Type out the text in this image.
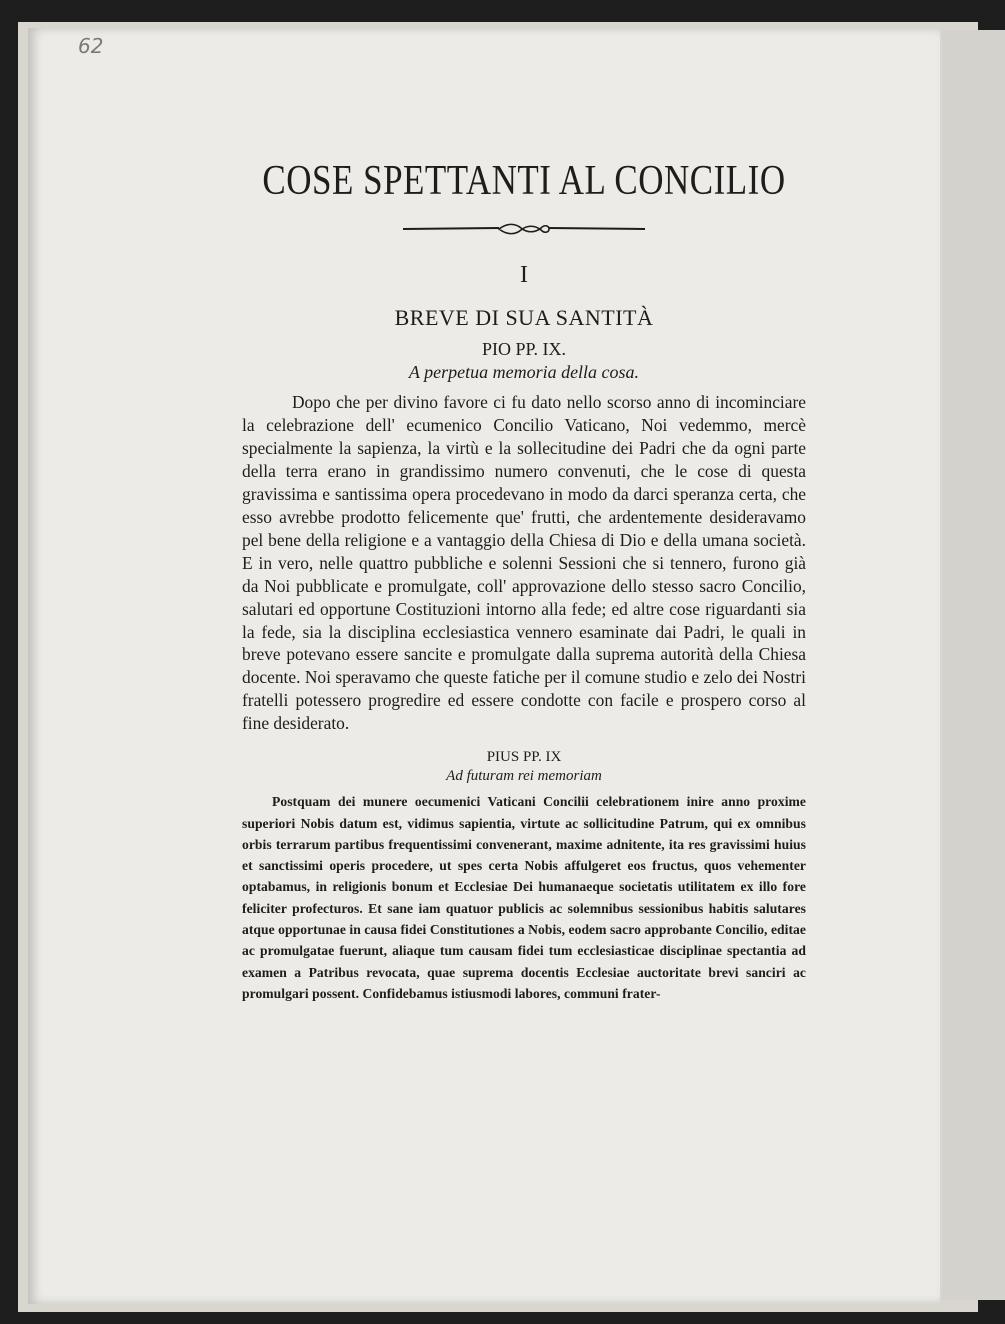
62
COSE SPETTANTI AL CONCILIO
I
BREVE DI SUA SANTITÀ
PIO PP. IX.
A perpetua memoria della cosa.

Dopo che per divino favore ci fu dato nello scorso anno di incominciare la celebrazione dell' ecumenico Concilio Vaticano, Noi vedemmo, mercè specialmente la sapienza, la virtù e la sollecitudine dei Padri che da ogni parte della terra erano in grandissimo numero convenuti, che le cose di questa gravissima e santissima opera procedevano in modo da darci speranza certa, che esso avrebbe prodotto felicemente que' frutti, che ardentemente desideravamo pel bene della religione e a vantaggio della Chiesa di Dio e della umana società. E in vero, nelle quattro pubbliche e solenni Sessioni che si tennero, furono già da Noi pubblicate e promulgate, coll' approvazione dello stesso sacro Concilio, salutari ed opportune Costituzioni intorno alla fede; ed altre cose riguardanti sia la fede, sia la disciplina ecclesiastica vennero esaminate dai Padri, le quali in breve potevano essere sancite e promulgate dalla suprema autorità della Chiesa docente. Noi speravamo che queste fatiche per il comune studio e zelo dei Nostri fratelli potessero progredire ed essere condotte con facile e prospero corso al fine desiderato.

PIUS PP. IX
Ad futuram rei memoriam

Postquam dei munere oecumenici Vaticani Concilii celebrationem inire anno proxime superiori Nobis datum est, vidimus sapientia, virtute ac sollicitudine Patrum, qui ex omnibus orbis terrarum partibus frequentissimi convenerant, maxime adnitente, ita res gravissimi huius et sanctissimi operis procedere, ut spes certa Nobis affulgeret eos fructus, quos vehementer optabamus, in religionis bonum et Ecclesiae Dei humanaeque societatis utilitatem ex illo fore feliciter profecturos. Et sane iam quatuor publicis ac solemnibus sessionibus habitis salutares atque opportunae in causa fidei Constitutiones a Nobis, eodem sacro approbante Concilio, editae ac promulgatae fuerunt, aliaque tum causam fidei tum ecclesiasticae disciplinae spectantia ad examen a Patribus revocata, quae suprema docentis Ecclesiae auctoritate brevi sanciri ac promulgari possent. Confidebamus istiusmodi labores, communi frater-
